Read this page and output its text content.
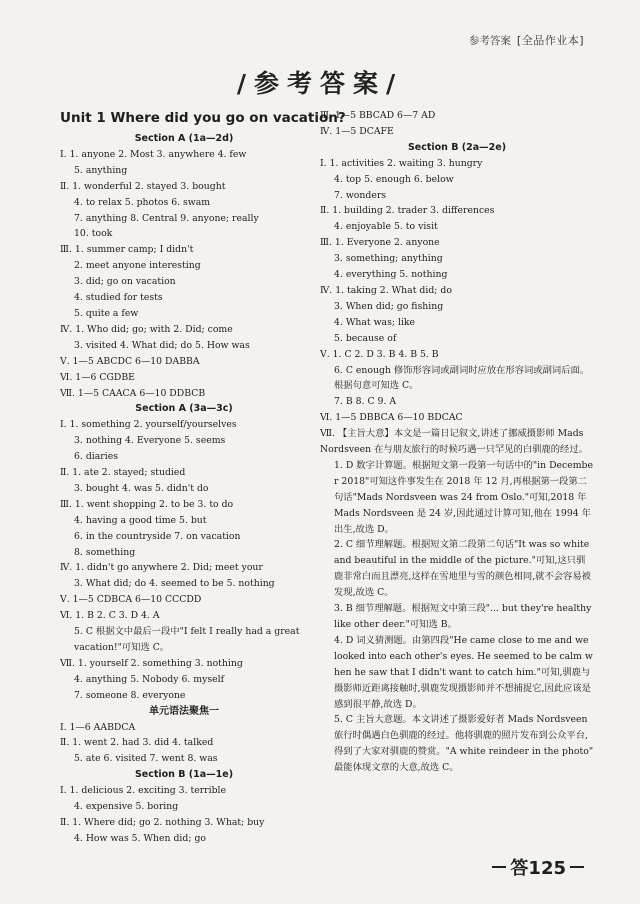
参考答案 [全品作业本]
/参考答案/
Unit 1 Where did you go on vacation?
Section A (1a—2d)
Ⅰ. 1. anyone 2. Most 3. anywhere 4. few
5. anything
Ⅱ. 1. wonderful 2. stayed 3. bought
4. to relax 5. photos 6. swam
7. anything 8. Central 9. anyone; really
10. took
Ⅲ. 1. summer camp; I didn't
2. meet anyone interesting
3. did; go on vacation
4. studied for tests
5. quite a few
Ⅳ. 1. Who did; go; with 2. Did; come
3. visited 4. What did; do 5. How was
Ⅴ. 1—5 ABCDC 6—10 DABBA
Ⅵ. 1—6 CGDBE
Ⅶ. 1—5 CAACA 6—10 DDBCB
Section A (3a—3c)
Ⅰ. 1. something 2. yourself/yourselves
3. nothing 4. Everyone 5. seems
6. diaries
Ⅱ. 1. ate 2. stayed; studied
3. bought 4. was 5. didn't do
Ⅲ. 1. went shopping 2. to be 3. to do
4. having a good time 5. but
6. in the countryside 7. on vacation
8. something
Ⅳ. 1. didn't go anywhere 2. Did; meet your
3. What did; do 4. seemed to be 5. nothing
Ⅴ. 1—5 CDBCA 6—10 CCCDD
Ⅵ. 1. B 2. C 3. D 4. A
5. C 根据文中最后一段中"I felt I really had a great vacation!"可知选 C。
Ⅶ. 1. yourself 2. something 3. nothing
4. anything 5. Nobody 6. myself
7. someone 8. everyone
单元语法聚焦一
Ⅰ. 1—6 AABDCA
Ⅱ. 1. went 2. had 3. did 4. talked
5. ate 6. visited 7. went 8. was
Section B (1a—1e)
Ⅰ. 1. delicious 2. exciting 3. terrible
4. expensive 5. boring
Ⅱ. 1. Where did; go 2. nothing 3. What; buy
4. How was 5. When did; go
Ⅲ. 1—5 BBCAD 6—7 AD
Ⅳ. 1—5 DCAFE
Section B (2a—2e)
Ⅰ. 1. activities 2. waiting 3. hungry
4. top 5. enough 6. below
7. wonders
Ⅱ. 1. building 2. trader 3. differences
4. enjoyable 5. to visit
Ⅲ. 1. Everyone 2. anyone
3. something; anything
4. everything 5. nothing
Ⅳ. 1. taking 2. What did; do
3. When did; go fishing
4. What was; like
5. because of
Ⅴ. 1. C 2. D 3. B 4. B 5. B
6. C enough 修饰形容词或副词时应放在形容词或副词后面。根据句意可知选 C。
7. B 8. C 9. A
Ⅵ. 1—5 DBBCA 6—10 BDCAC
Ⅶ. 【主旨大意】本文是一篇日记叙文,讲述了挪威摄影师 Mads Nordsveen 在与朋友旅行的时候巧遇一只罕见的白驯鹿的经过。
1. D 数字计算题。根据短文第一段第一句话中的"in December 2018"可知这件事发生在 2018 年 12 月,再根据第一段第二句话"Mads Nordsveen was 24 from Oslo."可知,2018 年 Mads Nordsveen 是 24 岁,因此通过计算可知,他在 1994 年出生,故选 D。
2. C 细节理解题。根据短文第二段第二句话"It was so white and beautiful in the middle of the picture."可知,这只驯鹿非常白而且漂亮,这样在雪地里与雪的颜色相同,就不会容易被发现,故选 C。
3. B 细节理解题。根据短文中第三段"... but they're healthy like other deer."可知选 B。
4. D 词义猜测题。由第四段"He came close to me and we looked into each other's eyes. He seemed to be calm when he saw that I didn't want to catch him."可知,驯鹿与摄影师近距离接触时,驯鹿发现摄影师并不想捕捉它,因此应该是感到很平静,故选 D。
5. C 主旨大意题。本文讲述了摄影爱好者 Mads Nordsveen 旅行时偶遇白色驯鹿的经过。他将驯鹿的照片发布到公众平台,得到了大家对驯鹿的赞赏。"A white reindeer in the photo" 最能体现文章的大意,故选 C。
答125
